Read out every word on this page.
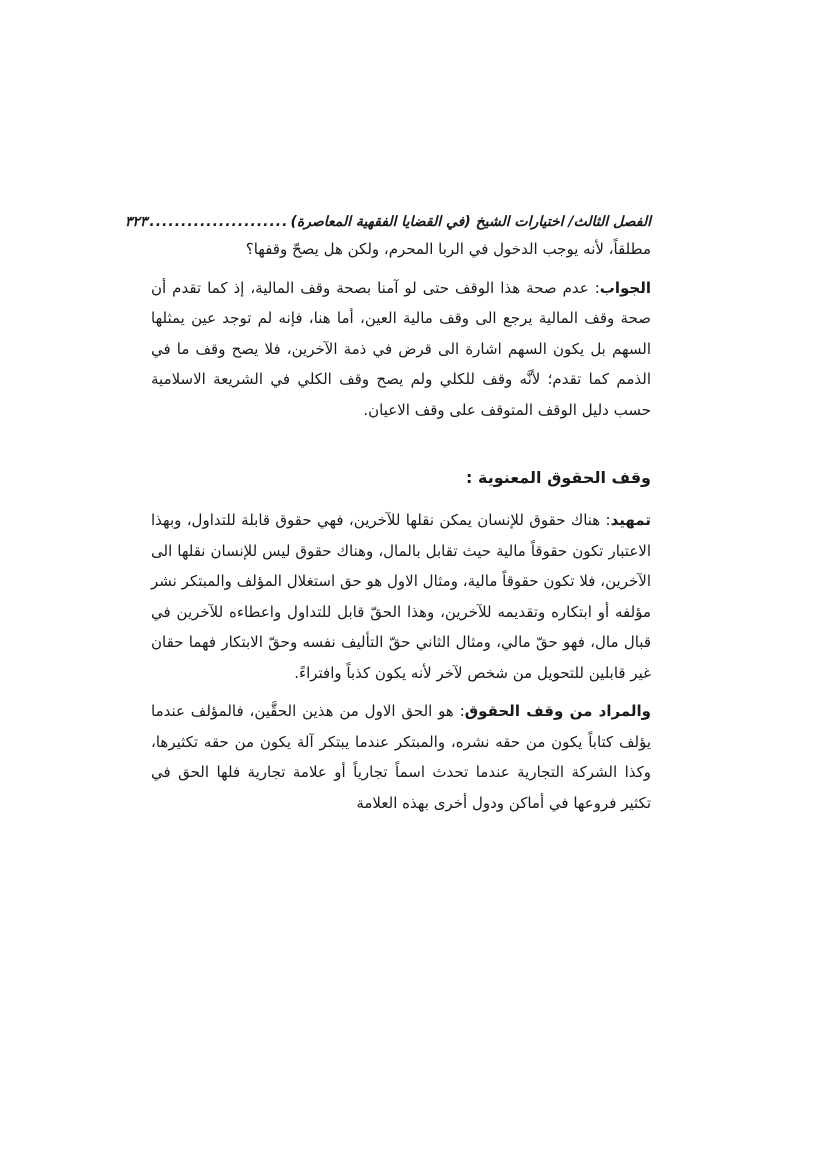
الفصل الثالث/ اختيارات الشيخ (في القضايا الفقهية المعاصرة)
......................
٣٢٣

مطلقاً، لأنه يوجب الدخول في الربا المحرم، ولكن هل يصحّ وقفها؟

الجواب: عدم صحة هذا الوقف حتى لو آمنا بصحة وقف المالية، إذ كما تقدم أن صحة وقف المالية يرجع الى وقف مالية العين، أما هنا، فإنه لم توجد عين يمثلها السهم بل يكون السهم اشارة الى قرض في ذمة الآخرين، فلا يصح وقف ما في الذمم كما تقدم؛ لأنَّه وقف للكلي ولم يصح وقف الكلي في الشريعة الاسلامية حسب دليل الوقف المتوقف على وقف الاعيان.

وقف الحقوق المعنوية :

تمهيد: هناك حقوق للإنسان يمكن نقلها للآخرين، فهي حقوق قابلة للتداول، وبهذا الاعتبار تكون حقوقاً مالية حيث تقابل بالمال، وهناك حقوق ليس للإنسان نقلها الى الآخرين، فلا تكون حقوقاً مالية، ومثال الاول هو حق استغلال المؤلف والمبتكر نشر مؤلفه أو ابتكاره وتقديمه للآخرين، وهذا الحقّ قابل للتداول واعطاءه للآخرين في قبال مال، فهو حقّ مالي، ومثال الثاني حقّ التأليف نفسه وحقّ الابتكار فهما حقان غير قابلين للتحويل من شخص لآخر لأنه يكون كذباً وافتراءً.

والمراد من وقف الحقوق: هو الحق الاول من هذين الحقَّين، فالمؤلف عندما يؤلف كتاباً يكون من حقه نشره، والمبتكر عندما يبتكر آلة يكون من حقه تكثيرها، وكذا الشركة التجارية عندما تحدث اسماً تجارياً أو علامة تجارية فلها الحق في تكثير فروعها في أماكن ودول أخرى بهذه العلامة
